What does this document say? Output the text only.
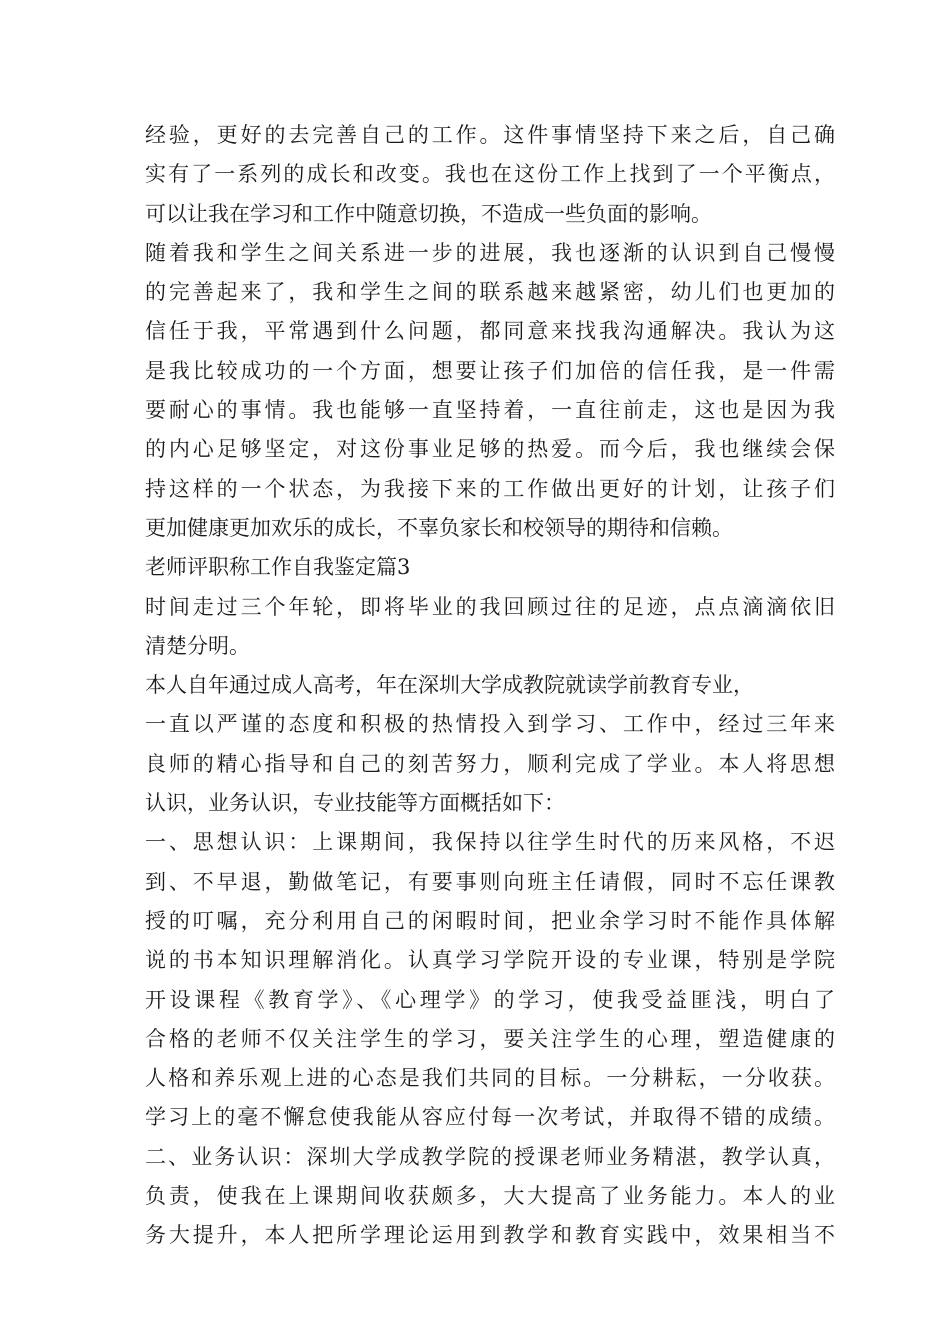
经验，更好的去完善自己的工作。这件事情坚持下来之后，自己确
实有了一系列的成长和改变。我也在这份工作上找到了一个平衡点，
可以让我在学习和工作中随意切换，不造成一些负面的影响。
随着我和学生之间关系进一步的进展，我也逐渐的认识到自己慢慢
的完善起来了，我和学生之间的联系越来越紧密，幼儿们也更加的
信任于我，平常遇到什么问题，都同意来找我沟通解决。我认为这
是我比较成功的一个方面，想要让孩子们加倍的信任我，是一件需
要耐心的事情。我也能够一直坚持着，一直往前走，这也是因为我
的内心足够坚定，对这份事业足够的热爱。而今后，我也继续会保
持这样的一个状态，为我接下来的工作做出更好的计划，让孩子们
更加健康更加欢乐的成长，不辜负家长和校领导的期待和信赖。
老师评职称工作自我鉴定篇3
时间走过三个年轮，即将毕业的我回顾过往的足迹，点点滴滴依旧
清楚分明。
本人自年通过成人高考，年在深圳大学成教院就读学前教育专业，
一直以严谨的态度和积极的热情投入到学习、工作中，经过三年来
良师的精心指导和自己的刻苦努力，顺利完成了学业。本人将思想
认识，业务认识，专业技能等方面概括如下：
一、思想认识：上课期间，我保持以往学生时代的历来风格，不迟
到、不早退，勤做笔记，有要事则向班主任请假，同时不忘任课教
授的叮嘱，充分利用自己的闲暇时间，把业余学习时不能作具体解
说的书本知识理解消化。认真学习学院开设的专业课，特别是学院
开设课程《教育学》、《心理学》的学习，使我受益匪浅，明白了
合格的老师不仅关注学生的学习，要关注学生的心理，塑造健康的
人格和养乐观上进的心态是我们共同的目标。一分耕耘，一分收获。
学习上的毫不懈怠使我能从容应付每一次考试，并取得不错的成绩。
二、业务认识：深圳大学成教学院的授课老师业务精湛，教学认真，
负责，使我在上课期间收获颇多，大大提高了业务能力。本人的业
务大提升，本人把所学理论运用到教学和教育实践中，效果相当不
